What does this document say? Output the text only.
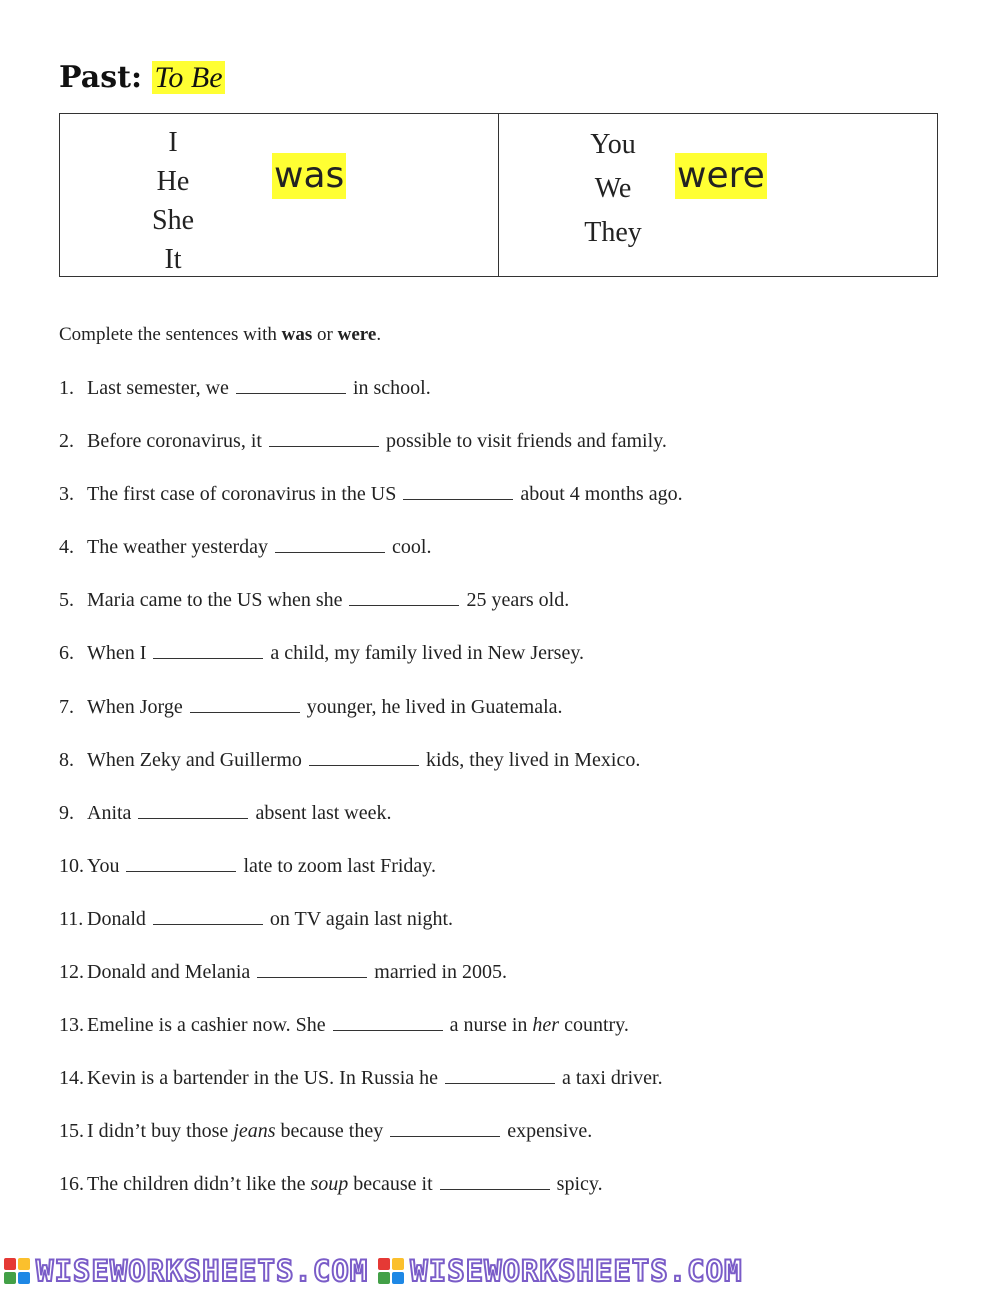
Past: To Be
I
He
She
It
was
You
We
They
were

Complete the sentences with was or were.

1. Last semester, we	in school.
2. Before coronavirus, it	possible to visit friends and family.
3. The first case of coronavirus in the US	about 4 months ago.
4. The weather yesterday	cool.
5. Maria came to the US when she	25 years old.
6. When I	a child, my family lived in New Jersey.
7. When Jorge	younger, he lived in Guatemala.
8. When Zeky and Guillermo	kids, they lived in Mexico.
9. Anita	absent last week.
10. You	late to zoom last Friday.
11. Donald	on TV again last night.
12. Donald and Melania	married in 2005.
13. Emeline is a cashier now. She	a nurse in her country.
14. Kevin is a bartender in the US. In Russia he	a taxi driver.
15. I didn’t buy those jeans because they	expensive.
16. The children didn’t like the soup because it	spicy.
WISEWORKSHEETS.COM WISEWORKSHEETS.COM
